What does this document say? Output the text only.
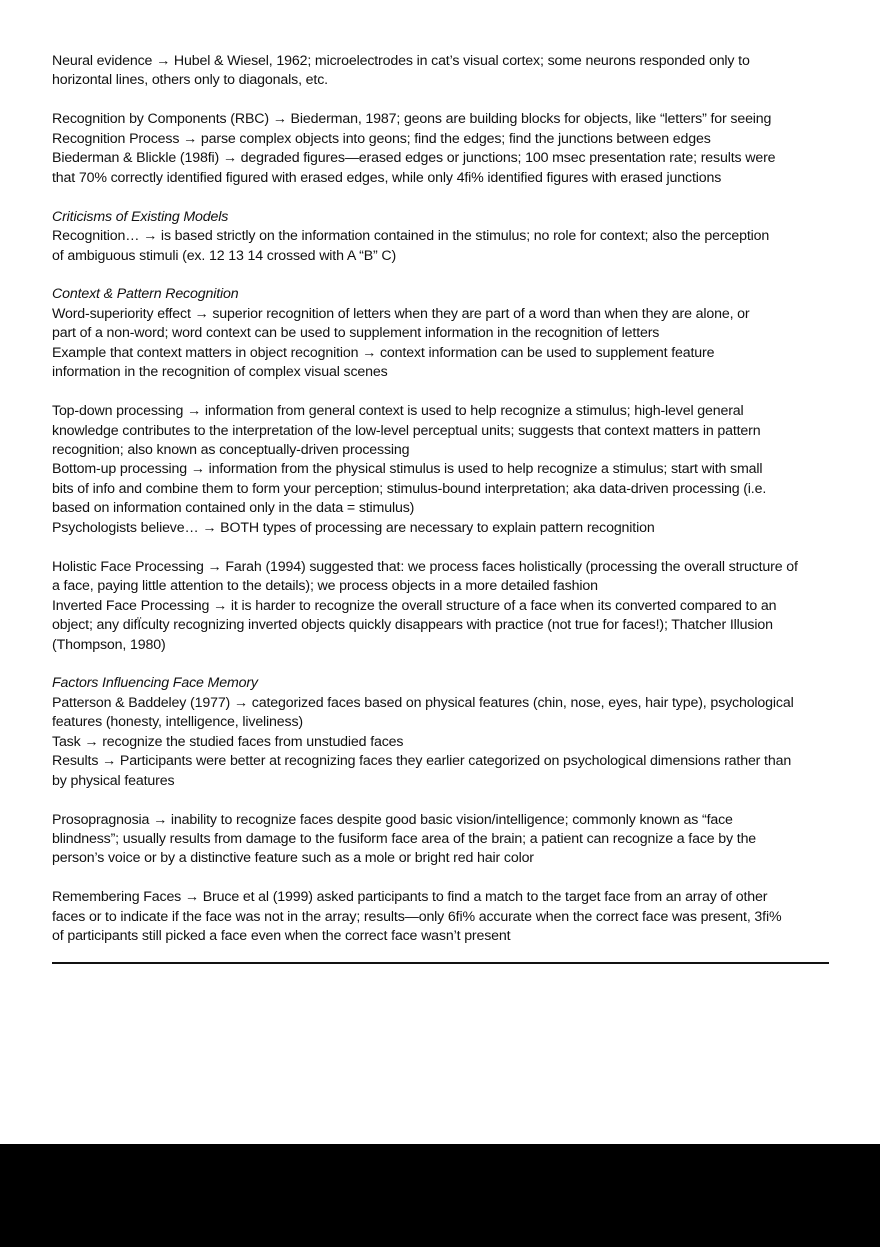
Neural evidence → Hubel & Wiesel, 1962; microelectrodes in cat’s visual cortex; some neurons responded only to
horizontal lines, others only to diagonals, etc.
Recognition by Components (RBC) → Biederman, 1987; geons are building blocks for objects, like “letters” for seeing
Recognition Process → parse complex objects into geons; find the edges; find the junctions between edges
Biederman & Blickle (198fi) → degraded figures—erased edges or junctions; 100 msec presentation rate; results were
that 70% correctly identified figured with erased edges, while only 4fi% identified figures with erased junctions
Criticisms of Existing Models
Recognition… → is based strictly on the information contained in the stimulus; no role for context; also the perception
of ambiguous stimuli (ex. 12 13 14 crossed with A “B” C)
Context & Pattern Recognition
Word-superiority effect → superior recognition of letters when they are part of a word than when they are alone, or
part of a non-word; word context can be used to supplement information in the recognition of letters
Example that context matters in object recognition → context information can be used to supplement feature
information in the recognition of complex visual scenes
Top-down processing → information from general context is used to help recognize a stimulus; high-level general
knowledge contributes to the interpretation of the low-level perceptual units; suggests that context matters in pattern
recognition; also known as conceptually-driven processing
Bottom-up processing → information from the physical stimulus is used to help recognize a stimulus; start with small
bits of info and combine them to form your perception; stimulus-bound interpretation; aka data-driven processing (i.e.
based on information contained only in the data = stimulus)
Psychologists believe… → BOTH types of processing are necessary to explain pattern recognition
Holistic Face Processing → Farah (1994) suggested that: we process faces holistically (processing the overall structure of
a face, paying little attention to the details); we process objects in a more detailed fashion
Inverted Face Processing → it is harder to recognize the overall structure of a face when its converted compared to an
object; any difÏculty recognizing inverted objects quickly disappears with practice (not true for faces!); Thatcher Illusion
(Thompson, 1980)
Factors Influencing Face Memory
Patterson & Baddeley (1977) → categorized faces based on physical features (chin, nose, eyes, hair type), psychological
features (honesty, intelligence, liveliness)
Task → recognize the studied faces from unstudied faces
Results → Participants were better at recognizing faces they earlier categorized on psychological dimensions rather than
by physical features
Prosopragnosia → inability to recognize faces despite good basic vision/intelligence; commonly known as “face
blindness”; usually results from damage to the fusiform face area of the brain; a patient can recognize a face by the
person’s voice or by a distinctive feature such as a mole or bright red hair color
Remembering Faces → Bruce et al (1999) asked participants to find a match to the target face from an array of other
faces or to indicate if the face was not in the array; results—only 6fi% accurate when the correct face was present, 3fi%
of participants still picked a face even when the correct face wasn’t present
